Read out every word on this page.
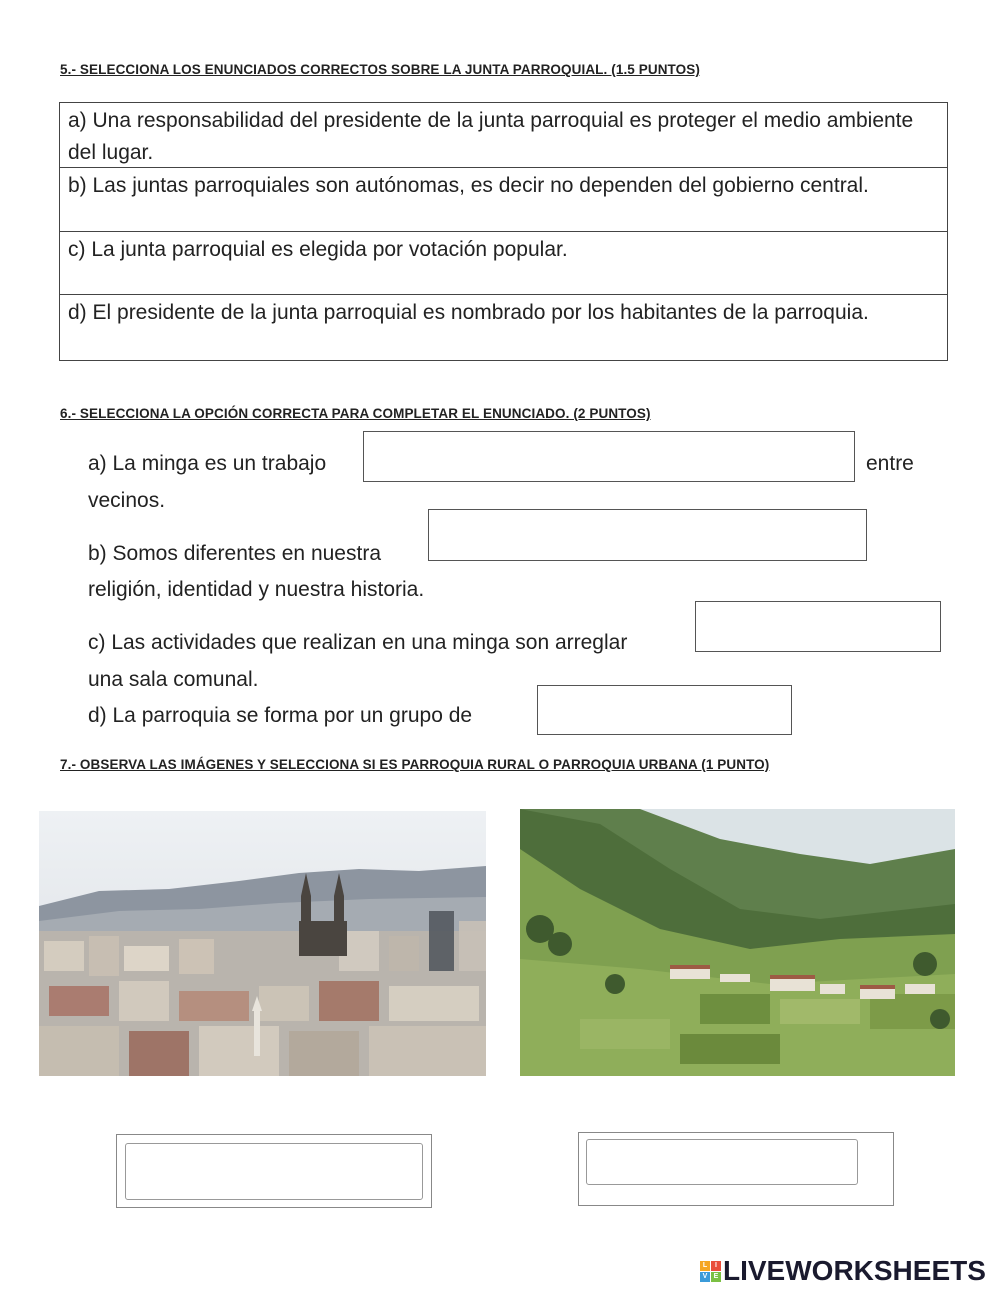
5.- SELECCIONA LOS ENUNCIADOS CORRECTOS SOBRE LA JUNTA PARROQUIAL. (1.5 PUNTOS)
a) Una responsabilidad del presidente de la junta parroquial es proteger el medio ambiente del lugar.
b) Las juntas parroquiales son autónomas, es decir no dependen del gobierno central.
c) La junta parroquial es elegida por votación popular.
d) El presidente de la junta parroquial es nombrado por los habitantes de la parroquia.
6.- SELECCIONA LA OPCIÓN CORRECTA PARA COMPLETAR EL ENUNCIADO. (2 PUNTOS)
a) La minga es un trabajo	entre
vecinos.
b) Somos diferentes en nuestra
religión, identidad y nuestra historia.
c) Las actividades que realizan en una minga son arreglar
una sala comunal.
d) La parroquia se forma por un grupo de
7.- OBSERVA LAS IMÁGENES Y SELECCIONA SI ES PARROQUIA RURAL O PARROQUIA URBANA (1 PUNTO)
L	I
V E LIVEWORKSHEETS
